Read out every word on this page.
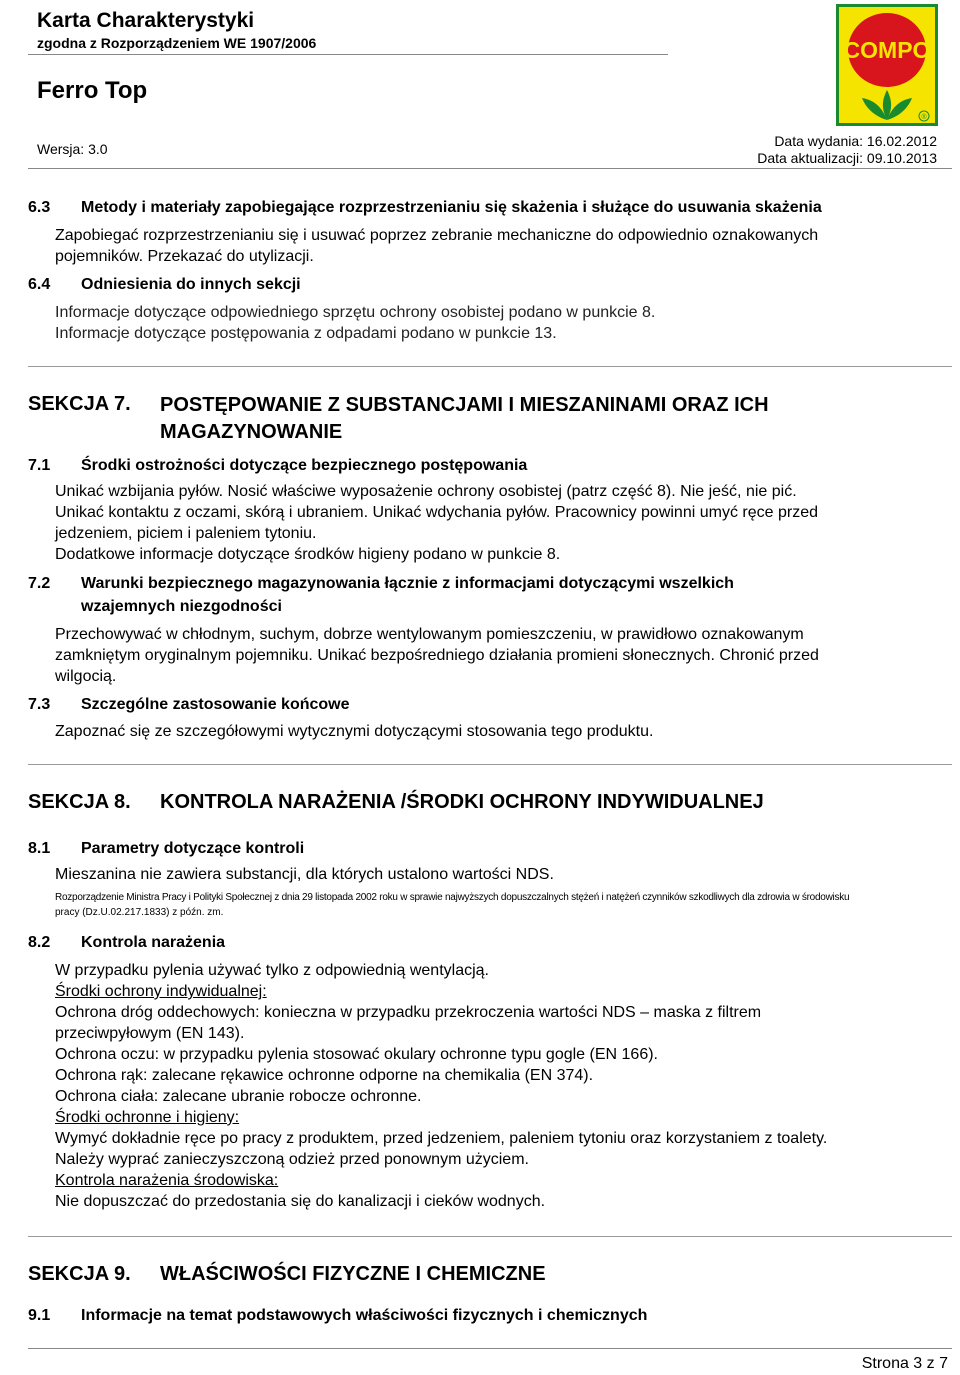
Karta Charakterystyki
zgodna z Rozporządzeniem WE 1907/2006
Ferro Top
Wersja: 3.0	Data wydania: 16.02.2012
Data aktualizacji: 09.10.2013
COMPO
®
6.3 Metody i materiały zapobiegające rozprzestrzenianiu się skażenia i służące do usuwania skażenia
Zapobiegać rozprzestrzenianiu się i usuwać poprzez zebranie mechaniczne do odpowiednio oznakowanych
pojemników. Przekazać do utylizacji.
6.4 Odniesienia do innych sekcji
Informacje dotyczące odpowiedniego sprzętu ochrony osobistej podano w punkcie 8.
Informacje dotyczące postępowania z odpadami podano w punkcie 13.
SEKCJA 7. POSTĘPOWANIE Z SUBSTANCJAMI I MIESZANINAMI ORAZ ICH MAGAZYNOWANIE
7.1 Środki ostrożności dotyczące bezpiecznego postępowania
Unikać wzbijania pyłów. Nosić właściwe wyposażenie ochrony osobistej (patrz część 8). Nie jeść, nie pić.
Unikać kontaktu z oczami, skórą i ubraniem. Unikać wdychania pyłów. Pracownicy powinni umyć ręce przed
jedzeniem, piciem i paleniem tytoniu.
Dodatkowe informacje dotyczące środków higieny podano w punkcie 8.
7.2 Warunki bezpiecznego magazynowania łącznie z informacjami dotyczącymi wszelkich
wzajemnych niezgodności
Przechowywać w chłodnym, suchym, dobrze wentylowanym pomieszczeniu, w prawidłowo oznakowanym
zamkniętym oryginalnym pojemniku. Unikać bezpośredniego działania promieni słonecznych. Chronić przed
wilgocią.
7.3 Szczególne zastosowanie końcowe
Zapoznać się ze szczegółowymi wytycznymi dotyczącymi stosowania tego produktu.
SEKCJA 8. KONTROLA NARAŻENIA /ŚRODKI OCHRONY INDYWIDUALNEJ
8.1 Parametry dotyczące kontroli
Mieszanina nie zawiera substancji, dla których ustalono wartości NDS.
Rozporządzenie Ministra Pracy i Polityki Społecznej z dnia 29 listopada 2002 roku w sprawie najwyższych dopuszczalnych stężeń i natężeń czynników szkodliwych dla zdrowia w środowisku
pracy (Dz.U.02.217.1833) z późn. zm.
8.2 Kontrola narażenia
W przypadku pylenia używać tylko z odpowiednią wentylacją.
Środki ochrony indywidualnej:
Ochrona dróg oddechowych: konieczna w przypadku przekroczenia wartości NDS – maska z filtrem
przeciwpyłowym (EN 143).
Ochrona oczu: w przypadku pylenia stosować okulary ochronne typu gogle (EN 166).
Ochrona rąk: zalecane rękawice ochronne odporne na chemikalia (EN 374).
Ochrona ciała: zalecane ubranie robocze ochronne.
Środki ochronne i higieny:
Wymyć dokładnie ręce po pracy z produktem, przed jedzeniem, paleniem tytoniu oraz korzystaniem z toalety.
Należy wyprać zanieczyszczoną odzież przed ponownym użyciem.
Kontrola narażenia środowiska:
Nie dopuszczać do przedostania się do kanalizacji i cieków wodnych.
SEKCJA 9. WŁAŚCIWOŚCI FIZYCZNE I CHEMICZNE
9.1 Informacje na temat podstawowych właściwości fizycznych i chemicznych
Strona 3 z 7
